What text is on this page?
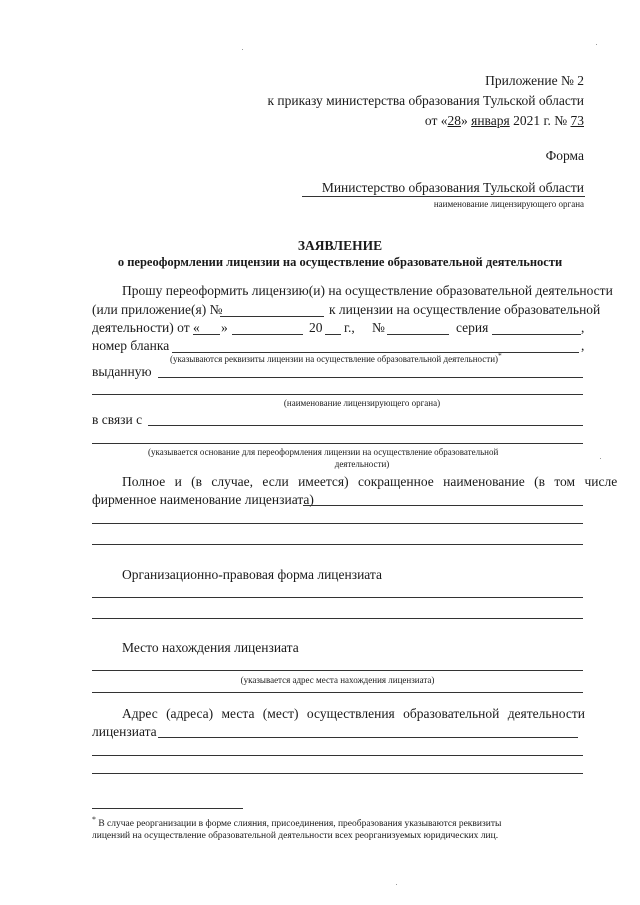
Приложение № 2
к приказу министерства образования Тульской области
от «28» января 2021 г. № 73
Форма
Министерство образования Тульской области
наименование лицензирующего органа
ЗАЯВЛЕНИЕ
о переоформлении лицензии на осуществление образовательной деятельности
Прошу переоформить лицензию(и) на осуществление образовательной деятельности
(или приложение(я) №	к лицензии на осуществление образовательной
деятельности) от « »	20 г., №	серия	,
номер бланка	,
(указываются реквизиты лицензии на осуществление образовательной деятельности)*
выданную
(наименование лицензирующего органа)
в связи с
(указывается основание для переоформления лицензии на осуществление образовательной
деятельности)
Полное и (в случае, если имеется) сокращенное наименование (в том числе
фирменное наименование лицензиата)
Организационно-правовая форма лицензиата
Место нахождения лицензиата
(указывается адрес места нахождения лицензиата)
Адрес (адреса) места (мест) осуществления образовательной деятельности
лицензиата
* В случае реорганизации в форме слияния, присоединения, преобразования указываются реквизиты
лицензий на осуществление образовательной деятельности всех реорганизуемых юридических лиц.
